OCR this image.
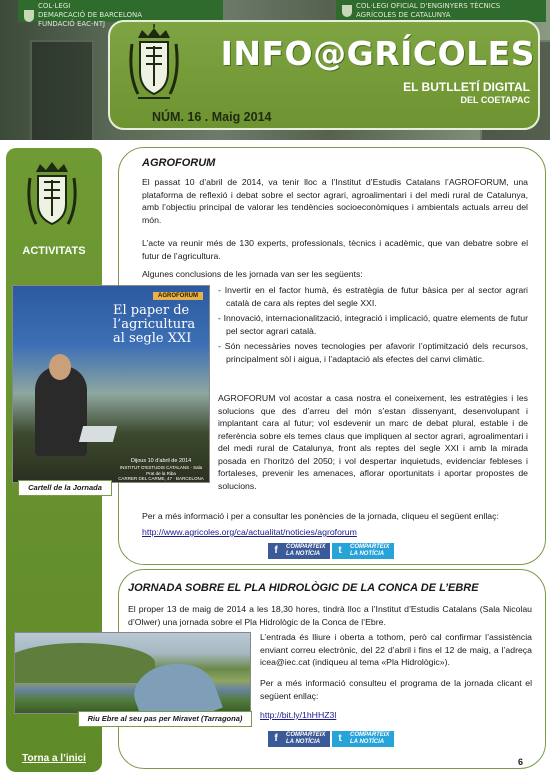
COL·LEGI
DEMARCACIÓ DE BARCELONA
FUNDACIÓ EAC-NTJ
COL·LEGI OFICIAL D'ENGINYERS TÈCNICS
AGRÍCOLES DE CATALUNYA
INFO@GRÍCOLES
EL BUTLLETÍ DIGITAL
DEL COETAPAC
NÚM. 16 . Maig 2014
ACTIVITATS
Torna a l’inici
AGROFORUM
El passat 10 d’abril de 2014, va tenir lloc a l’Institut d’Estudis Catalans l’AGROFORUM, una plataforma de reflexió i debat sobre el sector agrari, agroalimentari i del medi rural de Catalunya, amb l’objectiu principal de valorar les tendències socioeconòmiques i ambientals actuals arreu del món.
L’acte va reunir més de 130 experts, professionals, tècnics i acadèmic, que van debatre sobre el futur de l’agricultura.
Algunes conclusions de les jornada van ser les següents:
- Invertir en el factor humà, és estratègia de futur bàsica per al sector agrari català de cara als reptes del segle XXI.
- Innovació, internacionalització, integració i implicació, quatre elements de futur pel sector agrari català.
- Són necessàries noves tecnologies per afavorir l’optimització dels recursos, principalment sòl i aigua, i l’adaptació als efectes del canvi climàtic.
AGROFORUM vol acostar a casa nostra el coneixement, les estratègies i les solucions que des d’arreu del món s’estan dissenyant, desenvolupant i implantant cara al futur; vol esdevenir un marc de debat plural, estable i de referència sobre els temes claus que impliquen al sector agrari, agroalimentari i del medi rural de Catalunya, front als reptes del segle XXI i amb la mirada posada en l’horitzó del 2050; i vol despertar inquietuds, evidenciar febleses i fortaleses, prevenir les amenaces, aflorar oportunitats i aportar propostes de solucions.
Per a més informació i per a consultar les ponències de la jornada, cliqueu el següent enllaç:
http://www.agricoles.org/ca/actualitat/noticies/agroforum
AGROFÒRUM
El paper de l’agricultura al segle XXI
Dijous 10 d'abril de 2014
INSTITUT D'ESTUDIS CATALANS · Sala Prat de la Riba
CARRER DEL CARME, 47 · BARCELONA
Cartell de la Jornada
f	COMPARTEIX
LA NOTÍCIA	t	COMPARTEIX
LA NOTÍCIA
JORNADA SOBRE EL PLA HIDROLÒGIC DE LA CONCA DE L’EBRE
El proper 13 de maig de 2014 a les 18,30 hores, tindrà lloc a l’Institut d’Estudis Catalans (Sala Nicolau d’Olwer) una jornada sobre el Pla Hidrològic de la Conca de l’Ebre.
L’entrada és lliure i oberta a tothom, però cal confirmar l’assistència enviant correu electrònic, del 22 d’abril i fins el 12 de maig, a l’adreça icea@iec.cat (indiqueu al tema «Pla Hidrològic»).
Per a més informació consulteu el programa de la jornada clicant el següent enllaç:
http://bit.ly/1hHHZ3l
Riu Ebre al seu pas per Miravet (Tarragona)
f	COMPARTEIX
LA NOTÍCIA	t	COMPARTEIX
LA NOTÍCIA
6
